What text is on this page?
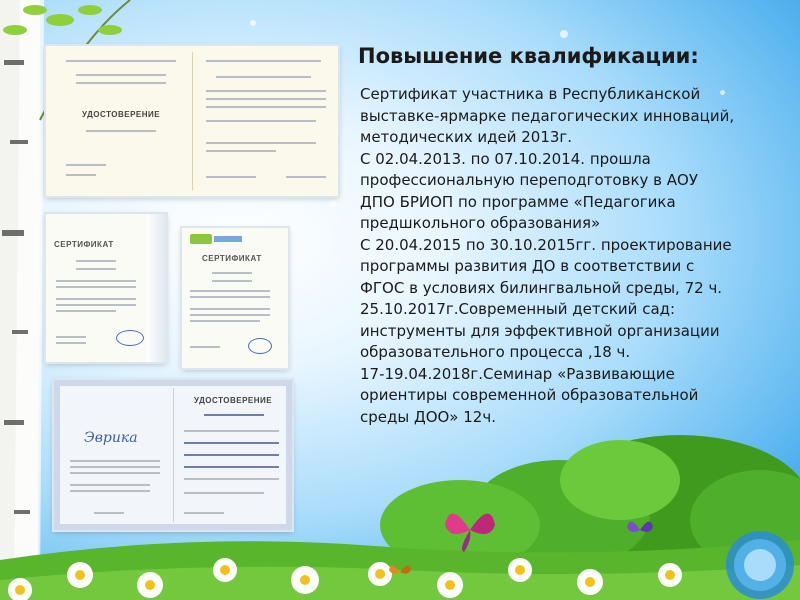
УДОСТОВЕРЕНИЕ
СЕРТИФИКАТ
СЕРТИФИКАТ
Эврика
УДОСТОВЕРЕНИЕ
Повышение квалификации:
Сертификат участника в Республиканской
выставке-ярмарке педагогических инноваций,
методических идей 2013г.
С 02.04.2013. по 07.10.2014. прошла
профессиональную переподготовку в АОУ
ДПО БРИОП по программе «Педагогика
предшкольного образования»
С 20.04.2015 по 30.10.2015гг. проектирование
программы развития ДО в соответствии с
ФГОС в условиях билингвальной среды, 72 ч.
25.10.2017г.Современный детский сад:
инструменты для эффективной организации
образовательного процесса ,18 ч.
17-19.04.2018г.Семинар «Развивающие
ориентиры современной образовательной
среды ДОО» 12ч.
